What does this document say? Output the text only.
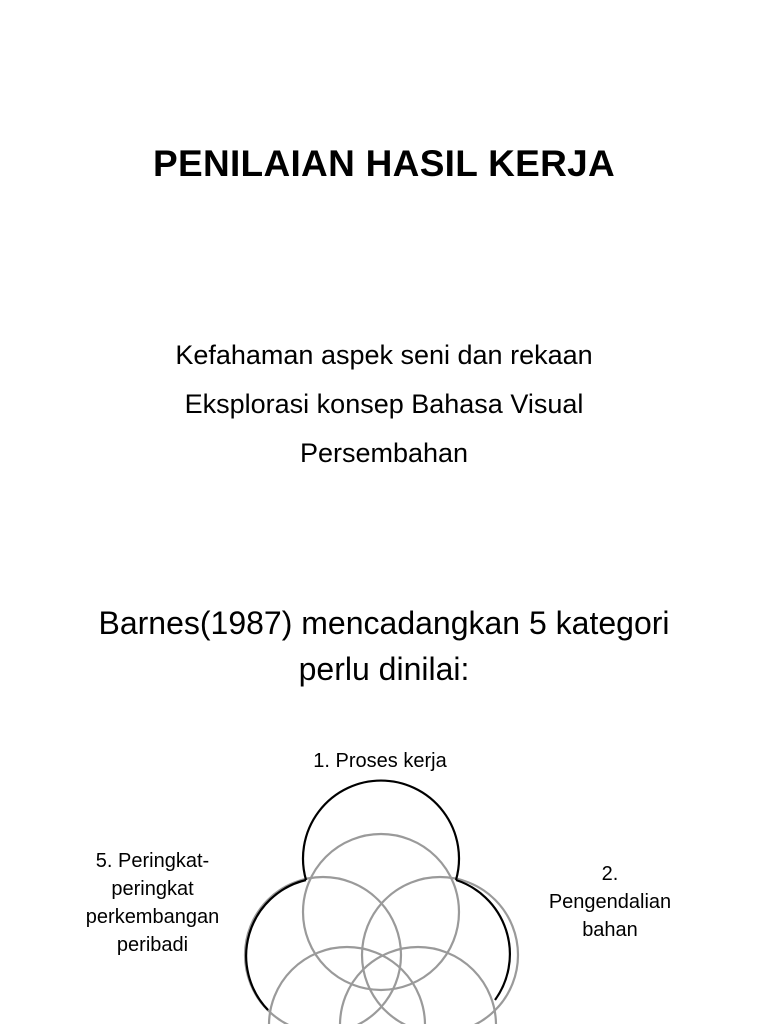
PENILAIAN HASIL KERJA
Kefahaman aspek seni dan rekaan
Eksplorasi konsep Bahasa Visual
Persembahan
Barnes(1987) mencadangkan 5 kategori
perlu dinilai:
1. Proses kerja
2.
Pengendalian
bahan
5. Peringkat-
peringkat
perkembangan
peribadi
